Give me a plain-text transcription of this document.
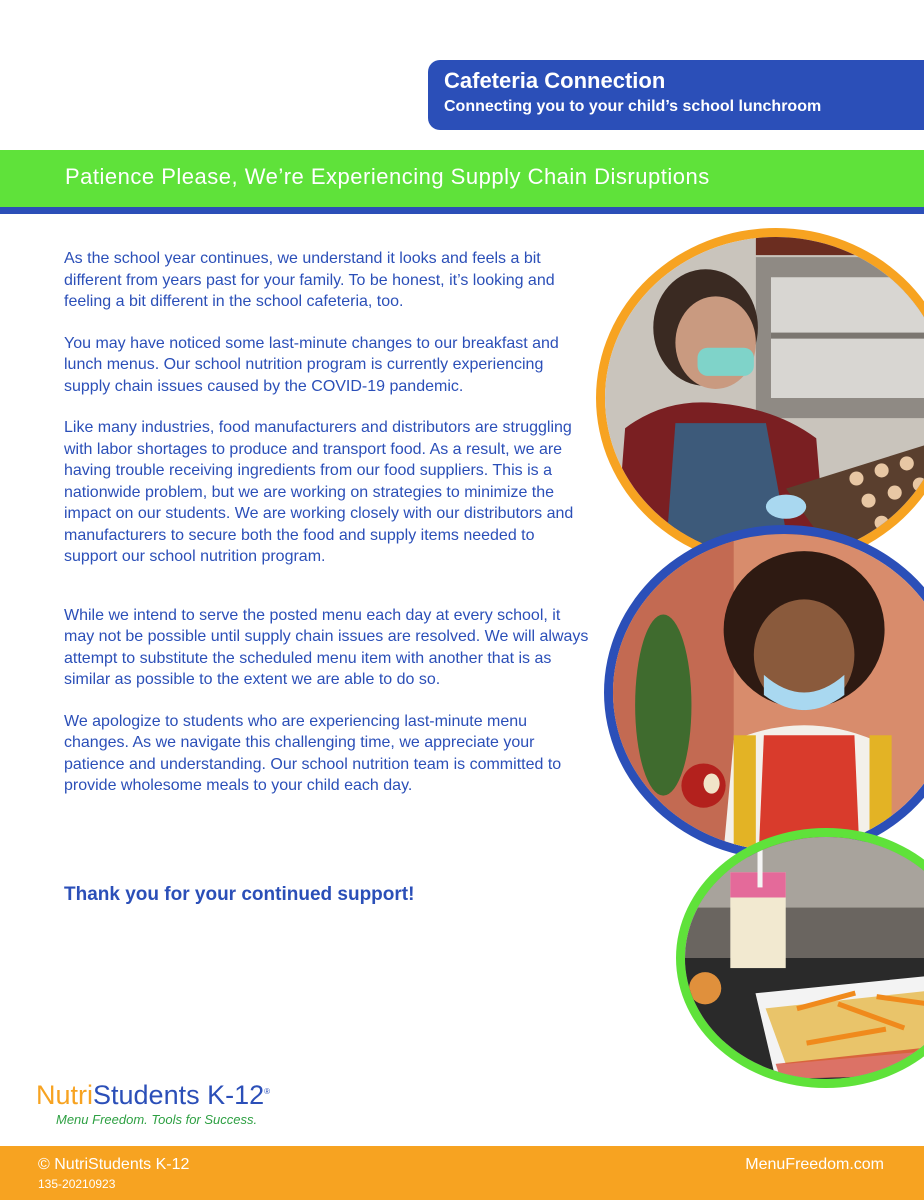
Cafeteria Connection
Connecting you to your child’s school lunchroom
Patience Please, We’re Experiencing Supply Chain Disruptions

As the school year continues, we understand it looks and feels a bit different from years past for your family. To be honest, it’s looking and feeling a bit different in the school cafeteria, too.

You may have noticed some last-minute changes to our breakfast and lunch menus. Our school nutrition program is currently experiencing supply chain issues caused by the COVID-19 pandemic.

Like many industries, food manufacturers and distributors are struggling with labor shortages to produce and transport food. As a result, we are having trouble receiving ingredients from our food suppliers. This is a nationwide problem, but we are working on strategies to minimize the impact on our students. We are working closely with our distributors and manufacturers to secure both the food and supply items needed to support our school nutrition program.

While we intend to serve the posted menu each day at every school, it may not be possible until supply chain issues are resolved. We will always attempt to substitute the scheduled menu item with another that is as similar as possible to the extent we are able to do so.

We apologize to students who are experiencing last-minute menu changes. As we navigate this challenging time, we appreciate your patience and understanding. Our school nutrition team is committed to provide wholesome meals to your child each day.

Thank you for your continued support!
NutriStudents K-12®
Menu Freedom. Tools for Success.
© NutriStudents K-12
135-20210923
MenuFreedom.com
